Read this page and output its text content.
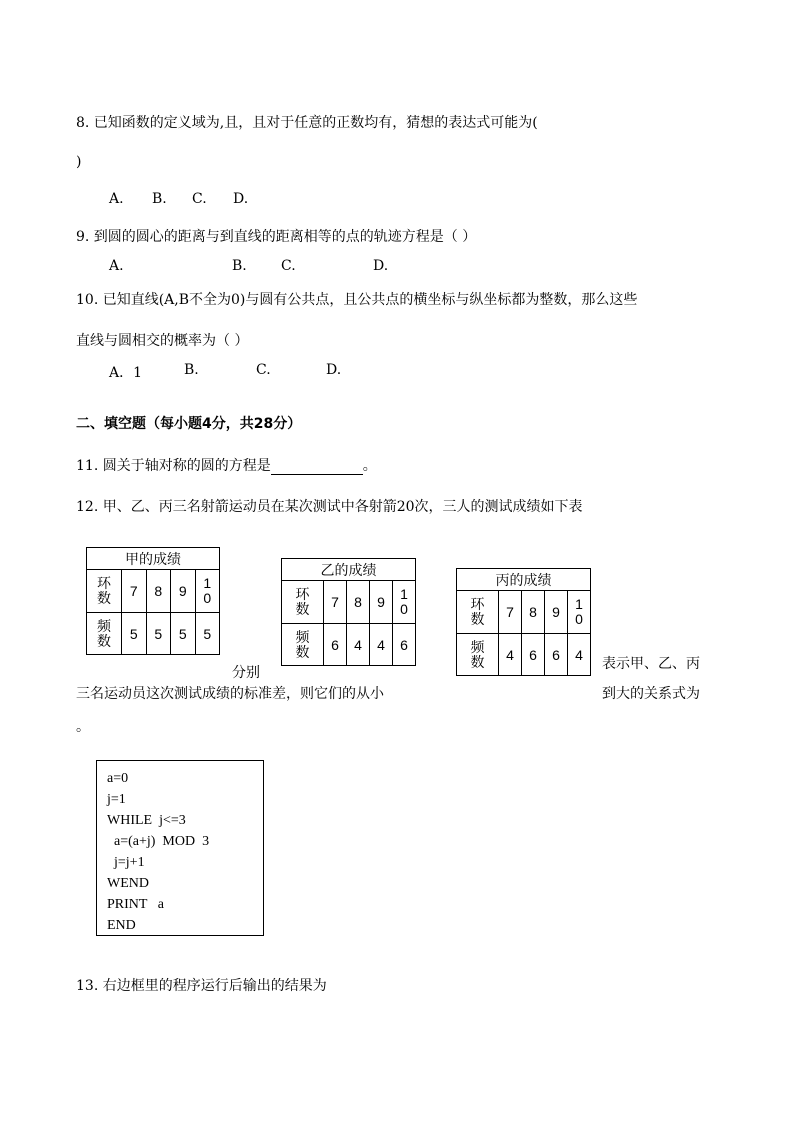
8. 已知函数的定义域为,且，且对于任意的正数均有，猜想的表达式可能为(
)
A. B. C. D.
9. 到圆的圆心的距离与到直线的距离相等的点的轨迹方程是（ ）
A.	B. C.	D.
10. 已知直线(A,B不全为0)与圆有公共点，且公共点的横坐标与纵坐标都为整数，那么这些
直线与圆相交的概率为（ ）
A．1	B.	C.	D.
二、填空题（每小题4分，共28分）
11. 圆关于轴对称的圆的方程是	。
12. 甲、乙、丙三名射箭运动员在某次测试中各射箭20次，三人的测试成绩如下表
甲的成绩				
环
数	7	8	9	1
0
频
数	5	5	5	5
乙的成绩				
环
数	7	8	9	1
0
频
数	6	4	4	6
丙的成绩				
环
数	7	8	9	1
0
频
数	4	6	6	4
分别
表示甲、乙、丙
三名运动员这次测试成绩的标准差，则它们的从小	到大的关系式为
。
a=0
j=1
WHILE  j<=3
a=(a+j)  MOD  3
j=j+1
WEND
PRINT   a
END
13. 右边框里的程序运行后输出的结果为
